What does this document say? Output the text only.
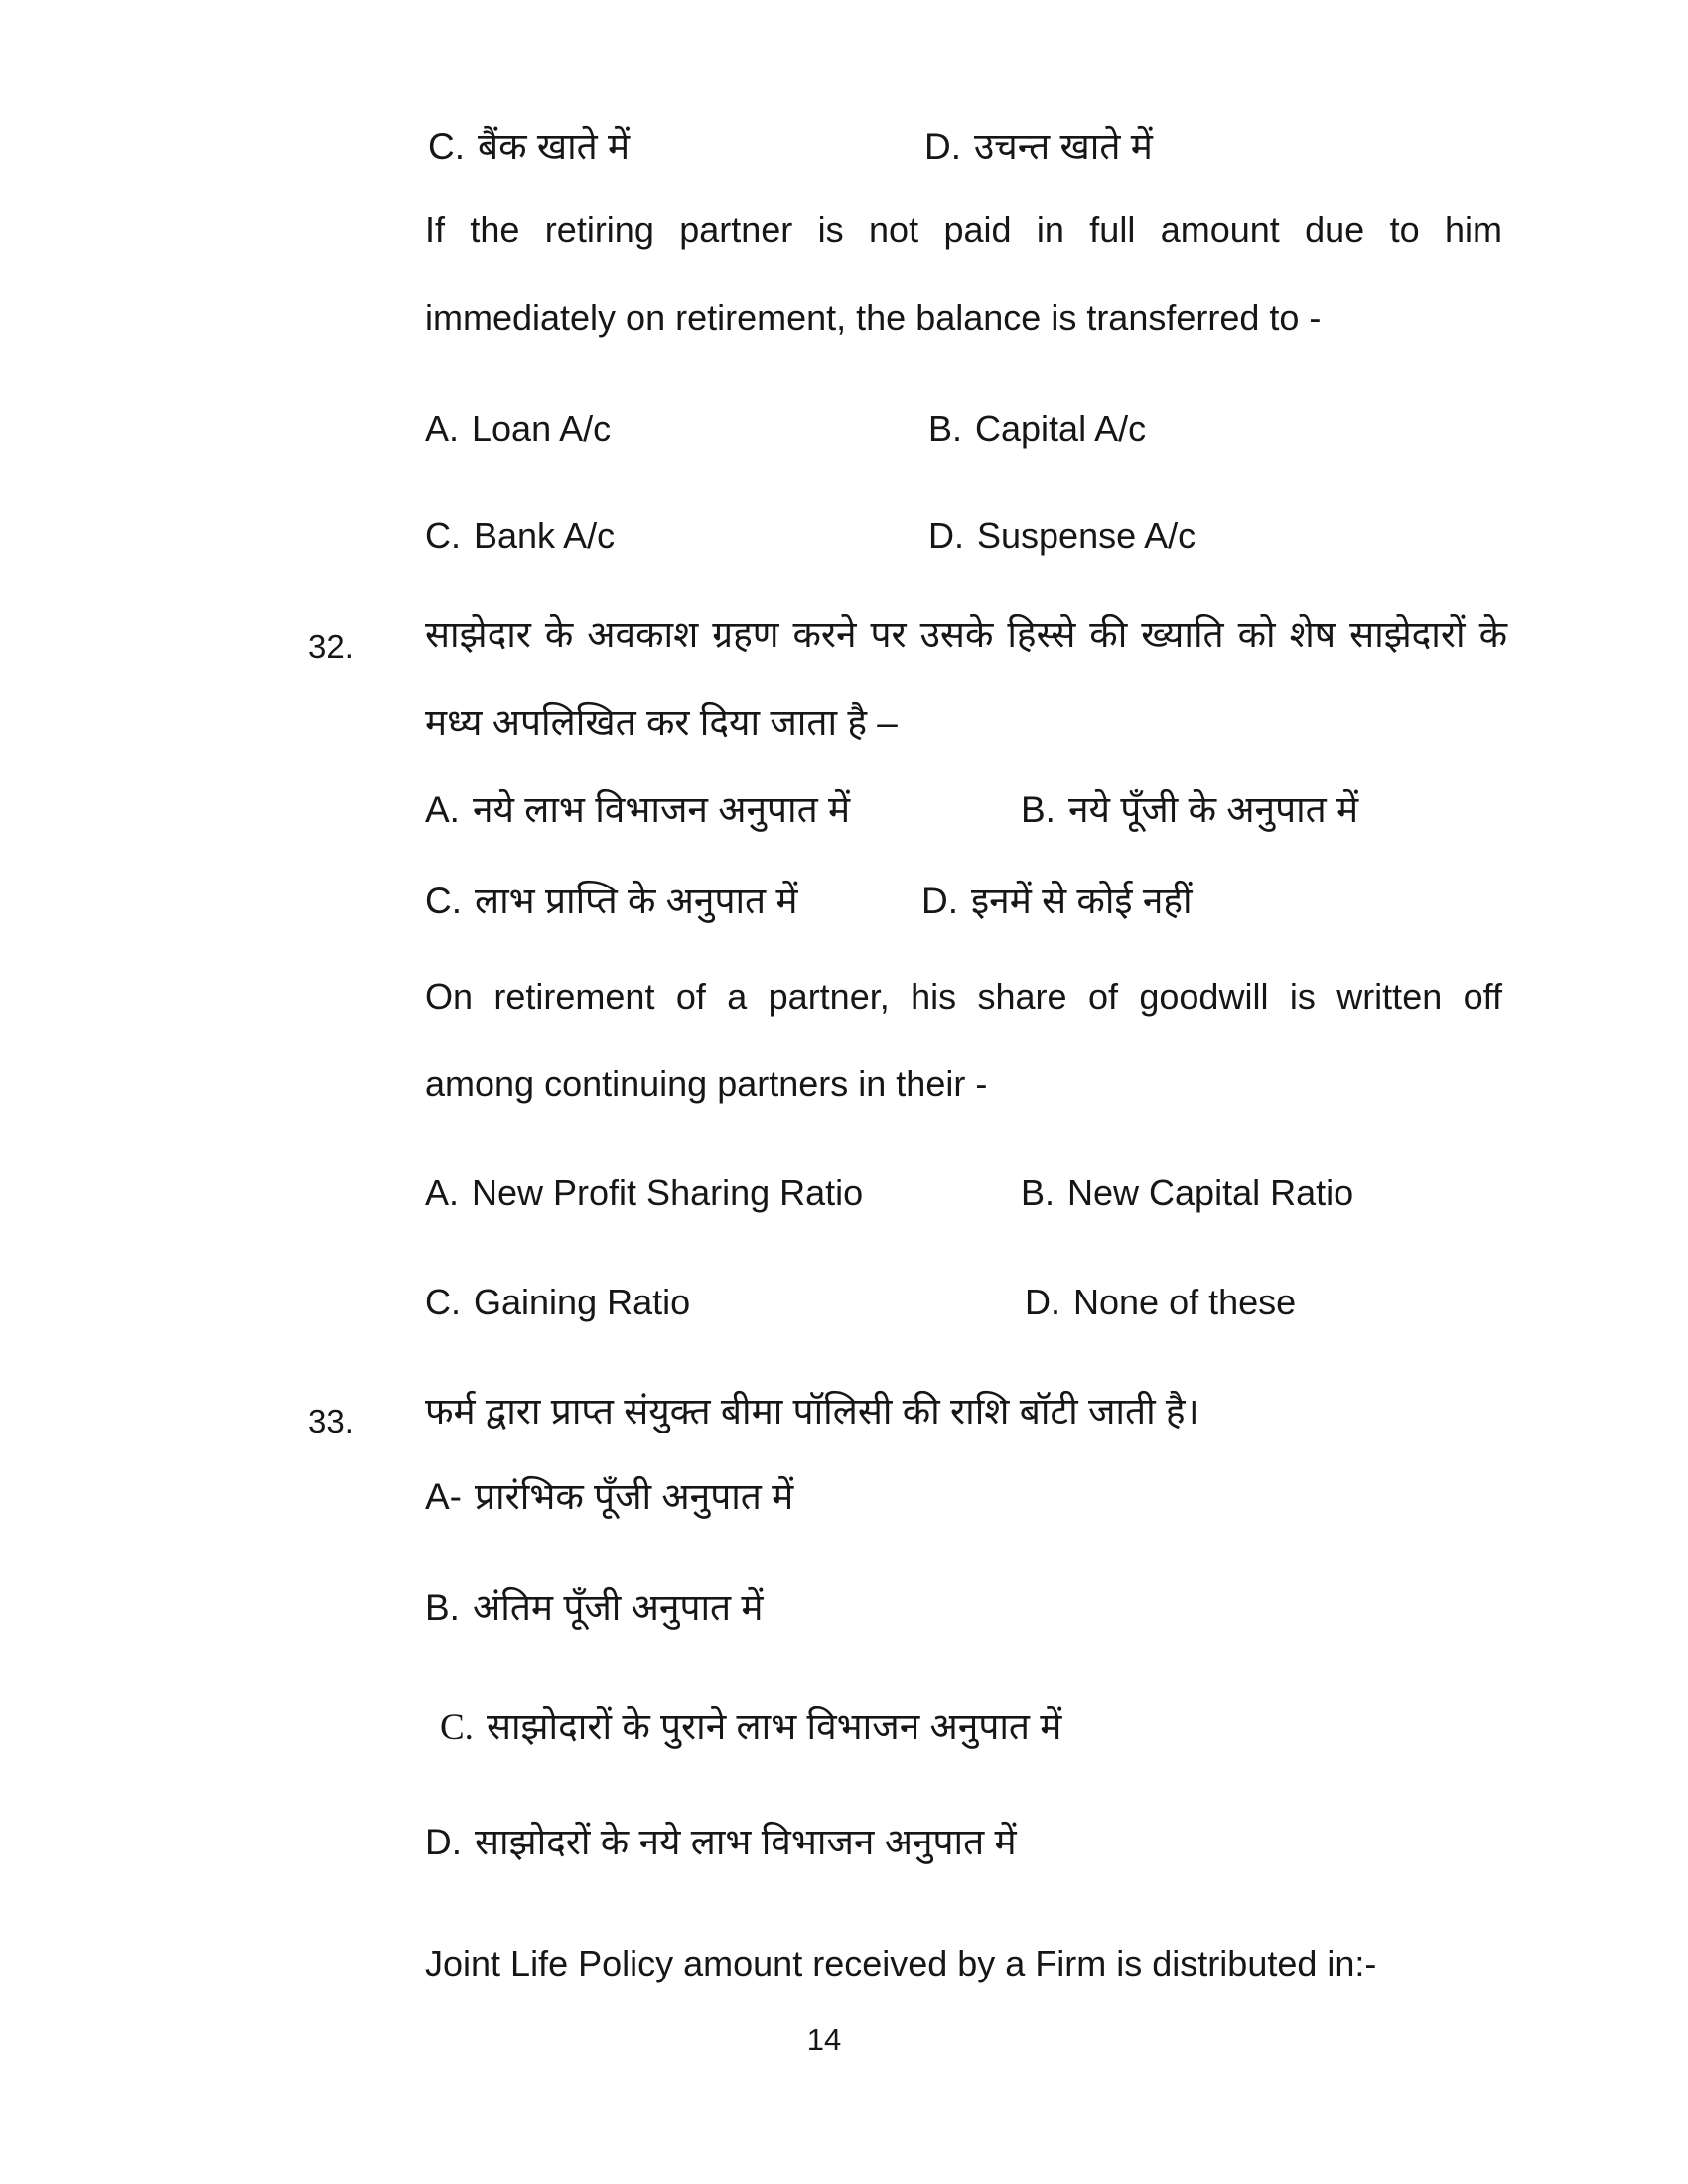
C. बैंक खाते में	D. उचन्त खाते में
If the retiring partner is not paid in full amount due to him
immediately on retirement, the balance is transferred to -
A. Loan A/c	B. Capital A/c
C. Bank A/c	D. Suspense A/c
32. साझेदार के अवकाश ग्रहण करने पर उसके हिस्से की ख्याति को शेष साझेदारों के
मध्य अपलिखित कर दिया जाता है –
A. नये लाभ विभाजन अनुपात में	B. नये पूँजी के अनुपात में
C. लाभ प्राप्ति के अनुपात में	D. इनमें से कोई नहीं
On retirement of a partner, his share of goodwill is written off
among continuing partners in their -
A. New Profit Sharing Ratio	B. New Capital Ratio
C. Gaining Ratio	D. None of these
33. फर्म द्वारा प्राप्त संयुक्त बीमा पॉलिसी की राशि बॉटी जाती है।
A- प्रारंभिक पूँजी अनुपात में
B. अंतिम पूँजी अनुपात में
C. साझोदारों के पुराने लाभ विभाजन अनुपात में
D. साझोदरों के नये लाभ विभाजन अनुपात में
Joint Life Policy amount received by a Firm is distributed in:-
14
